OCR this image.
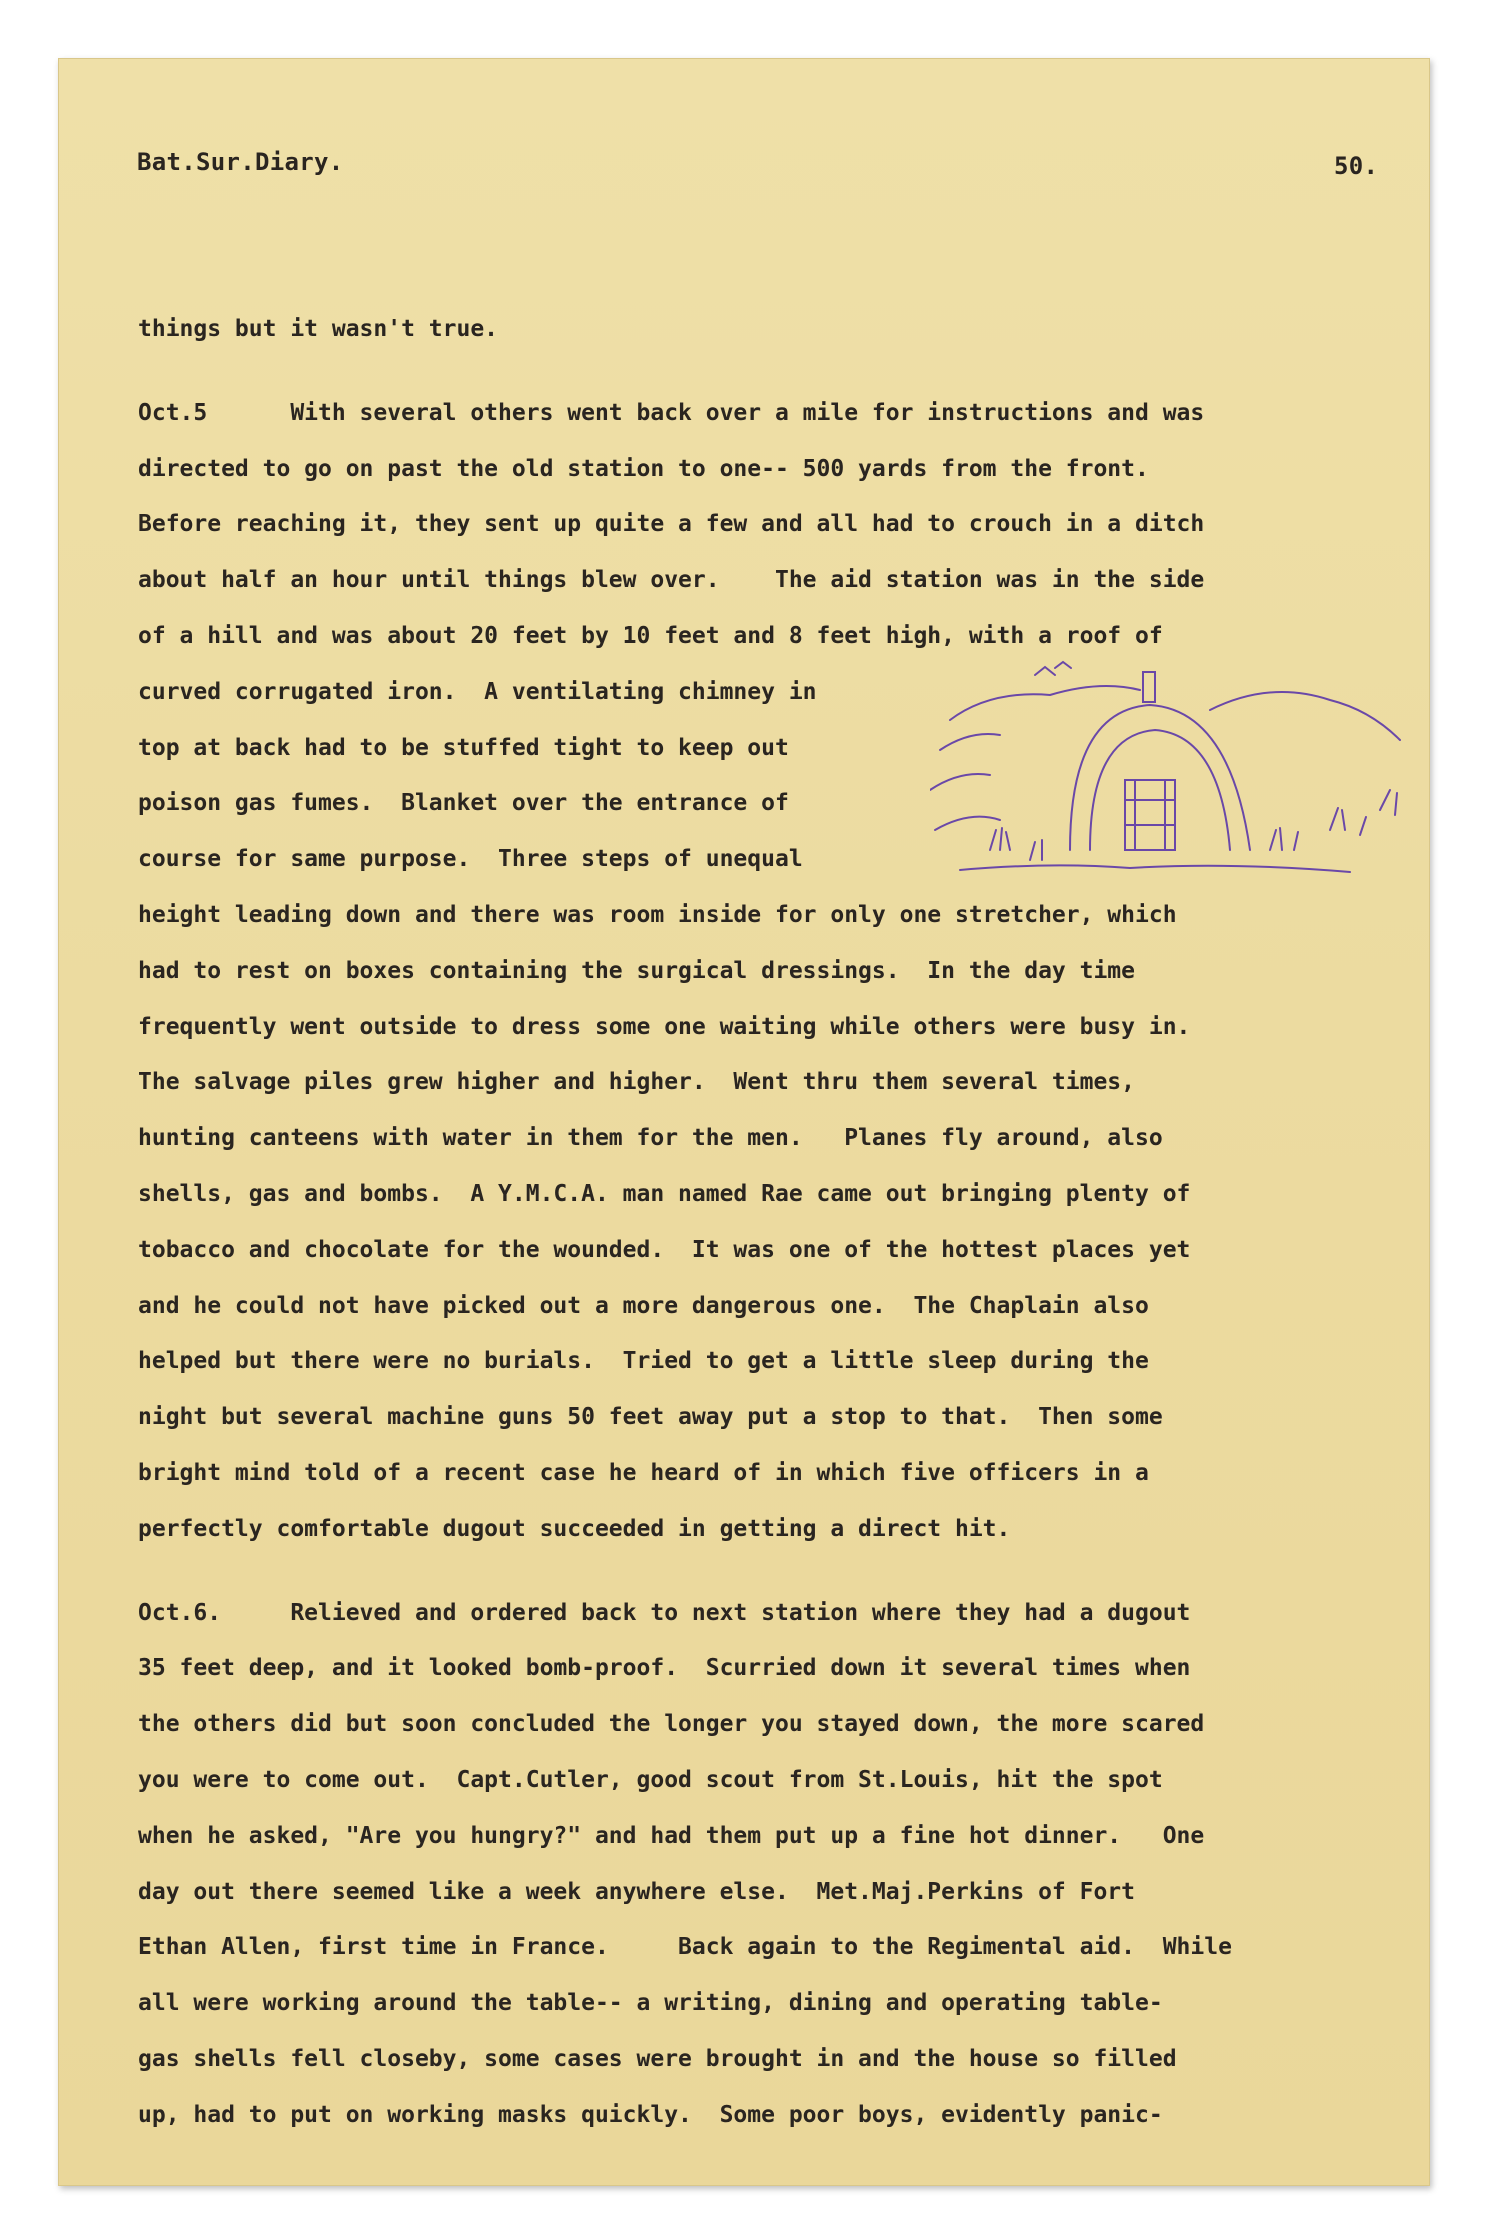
Bat.Sur.Diary.	50.
things but it wasn't true.
Oct.5      With several others went back over a mile for instructions and was
directed to go on past the old station to one-- 500 yards from the front.
Before reaching it, they sent up quite a few and all had to crouch in a ditch
about half an hour until things blew over.    The aid station was in the side
of a hill and was about 20 feet by 10 feet and 8 feet high, with a roof of
curved corrugated iron.  A ventilating chimney in
top at back had to be stuffed tight to keep out
poison gas fumes.  Blanket over the entrance of
course for same purpose.  Three steps of unequal
height leading down and there was room inside for only one stretcher, which
had to rest on boxes containing the surgical dressings.  In the day time
frequently went outside to dress some one waiting while others were busy in.
The salvage piles grew higher and higher.  Went thru them several times,
hunting canteens with water in them for the men.   Planes fly around, also
shells, gas and bombs.  A Y.M.C.A. man named Rae came out bringing plenty of
tobacco and chocolate for the wounded.  It was one of the hottest places yet
and he could not have picked out a more dangerous one.  The Chaplain also
helped but there were no burials.  Tried to get a little sleep during the
night but several machine guns 50 feet away put a stop to that.  Then some
bright mind told of a recent case he heard of in which five officers in a
perfectly comfortable dugout succeeded in getting a direct hit.
Oct.6.     Relieved and ordered back to next station where they had a dugout
35 feet deep, and it looked bomb-proof.  Scurried down it several times when
the others did but soon concluded the longer you stayed down, the more scared
you were to come out.  Capt.Cutler, good scout from St.Louis, hit the spot
when he asked, "Are you hungry?" and had them put up a fine hot dinner.   One
day out there seemed like a week anywhere else.  Met.Maj.Perkins of Fort
Ethan Allen, first time in France.     Back again to the Regimental aid.  While
all were working around the table-- a writing, dining and operating table-
gas shells fell closeby, some cases were brought in and the house so filled
up, had to put on working masks quickly.  Some poor boys, evidently panic-
